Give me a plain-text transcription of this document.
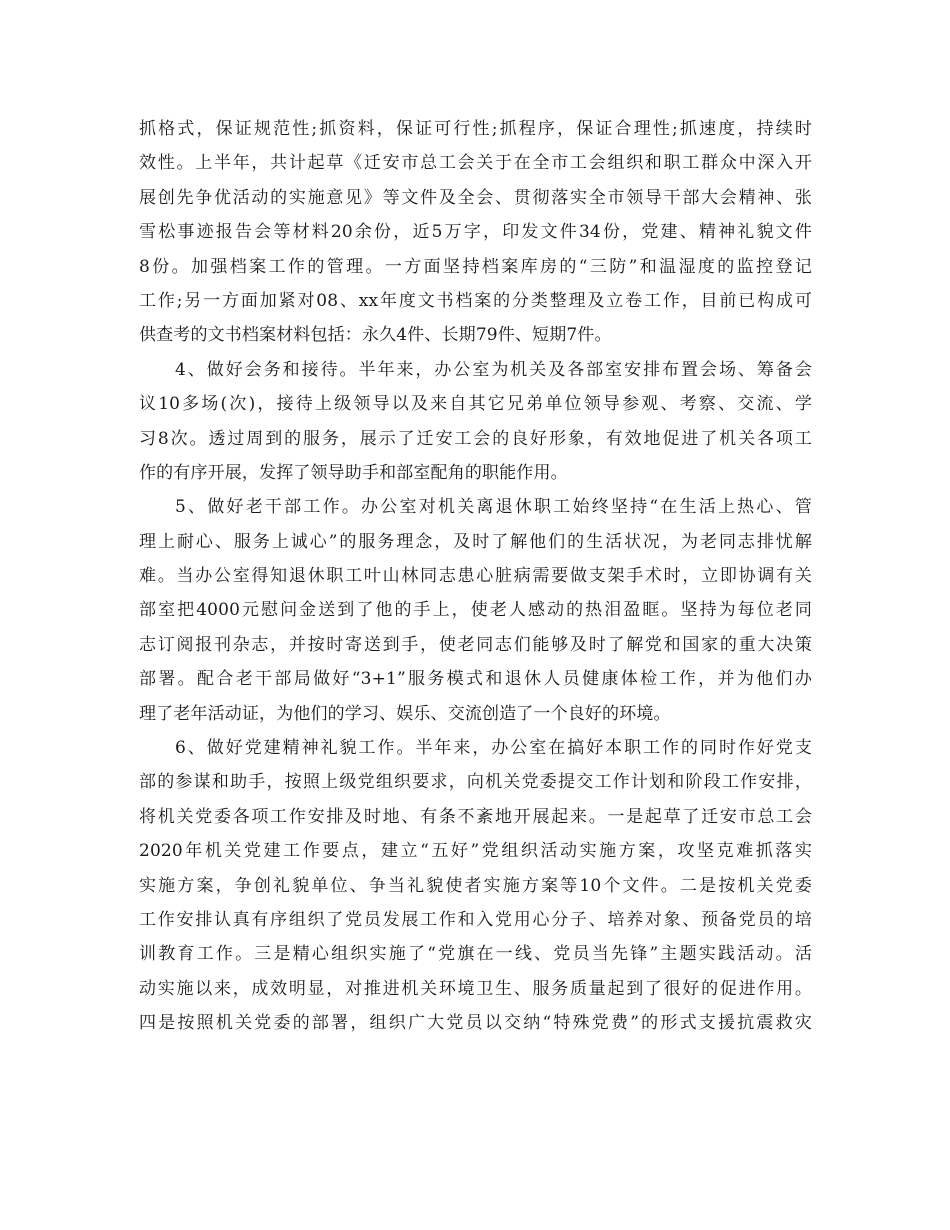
抓格式，保证规范性;抓资料，保证可行性;抓程序，保证合理性;抓速度，持续时
效性。上半年，共计起草《迁安市总工会关于在全市工会组织和职工群众中深入开
展创先争优活动的实施意见》等文件及全会、贯彻落实全市领导干部大会精神、张
雪松事迹报告会等材料20余份，近5万字，印发文件34份，党建、精神礼貌文件
8份。加强档案工作的管理。一方面坚持档案库房的“三防”和温湿度的监控登记
工作;另一方面加紧对08、xx年度文书档案的分类整理及立卷工作，目前已构成可
供查考的文书档案材料包括：永久4件、长期79件、短期7件。
4、做好会务和接待。半年来，办公室为机关及各部室安排布置会场、筹备会
议10多场(次)，接待上级领导以及来自其它兄弟单位领导参观、考察、交流、学
习8次。透过周到的服务，展示了迁安工会的良好形象，有效地促进了机关各项工
作的有序开展，发挥了领导助手和部室配角的职能作用。
5、做好老干部工作。办公室对机关离退休职工始终坚持“在生活上热心、管
理上耐心、服务上诚心”的服务理念，及时了解他们的生活状况，为老同志排忧解
难。当办公室得知退休职工叶山林同志患心脏病需要做支架手术时，立即协调有关
部室把4000元慰问金送到了他的手上，使老人感动的热泪盈眶。坚持为每位老同
志订阅报刊杂志，并按时寄送到手，使老同志们能够及时了解党和国家的重大决策
部署。配合老干部局做好“3+1”服务模式和退休人员健康体检工作，并为他们办
理了老年活动证，为他们的学习、娱乐、交流创造了一个良好的环境。
6、做好党建精神礼貌工作。半年来，办公室在搞好本职工作的同时作好党支
部的参谋和助手，按照上级党组织要求，向机关党委提交工作计划和阶段工作安排，
将机关党委各项工作安排及时地、有条不紊地开展起来。一是起草了迁安市总工会
2020年机关党建工作要点，建立“五好”党组织活动实施方案，攻坚克难抓落实
实施方案，争创礼貌单位、争当礼貌使者实施方案等10个文件。二是按机关党委
工作安排认真有序组织了党员发展工作和入党用心分子、培养对象、预备党员的培
训教育工作。三是精心组织实施了“党旗在一线、党员当先锋”主题实践活动。活
动实施以来，成效明显，对推进机关环境卫生、服务质量起到了很好的促进作用。
四是按照机关党委的部署，组织广大党员以交纳“特殊党费”的形式支援抗震救灾
